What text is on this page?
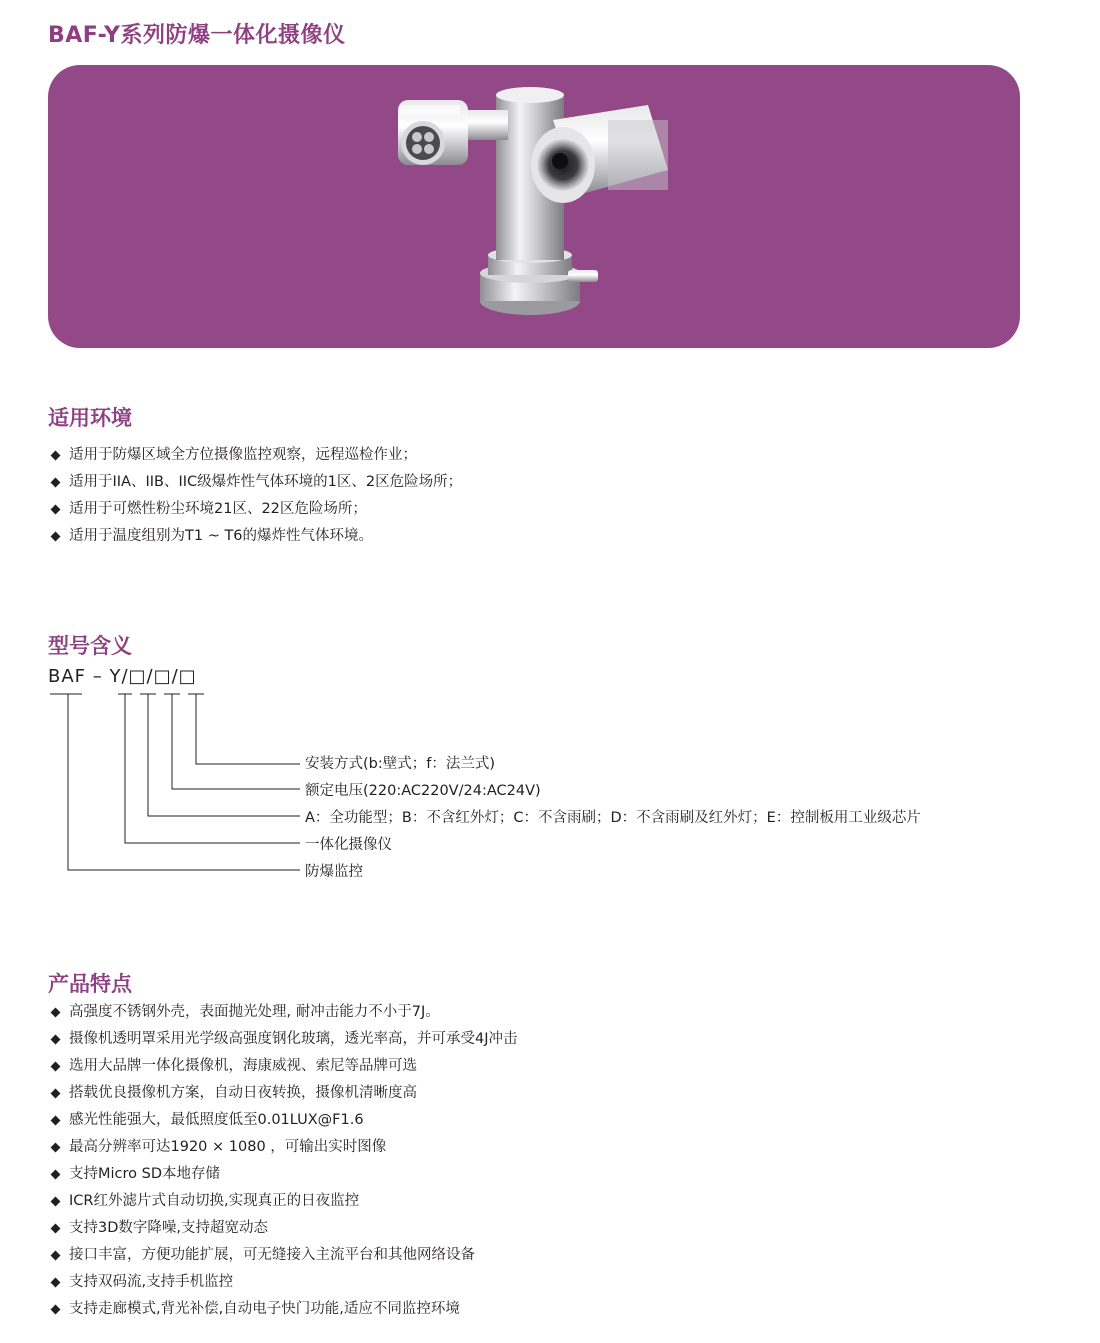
BAF-Y系列防爆一体化摄像仪
适用环境
适用于防爆区域全方位摄像监控观察，远程巡检作业；
适用于IIA、IIB、IIC级爆炸性气体环境的1区、2区危险场所；
适用于可燃性粉尘环境21区、22区危险场所；
适用于温度组别为T1 ~ T6的爆炸性气体环境。
型号含义
BAF – Y/□/□/□
安装方式(b:壁式；f：法兰式)
额定电压(220:AC220V/24:AC24V)
A：全功能型；B：不含红外灯；C：不含雨刷；D：不含雨刷及红外灯；E：控制板用工业级芯片
一体化摄像仪
防爆监控
产品特点
高强度不锈钢外壳，表面抛光处理, 耐冲击能力不小于7J。
摄像机透明罩采用光学级高强度钢化玻璃，透光率高，并可承受4J冲击
选用大品牌一体化摄像机，海康威视、索尼等品牌可选
搭载优良摄像机方案，自动日夜转换，摄像机清晰度高
感光性能强大，最低照度低至0.01LUX@F1.6
最高分辨率可达1920 × 1080 ，可输出实时图像
支持Micro SD本地存储
ICR红外滤片式自动切换,实现真正的日夜监控
支持3D数字降噪,支持超宽动态
接口丰富，方便功能扩展，可无缝接入主流平台和其他网络设备
支持双码流,支持手机监控
支持走廊模式,背光补偿,自动电子快门功能,适应不同监控环境
